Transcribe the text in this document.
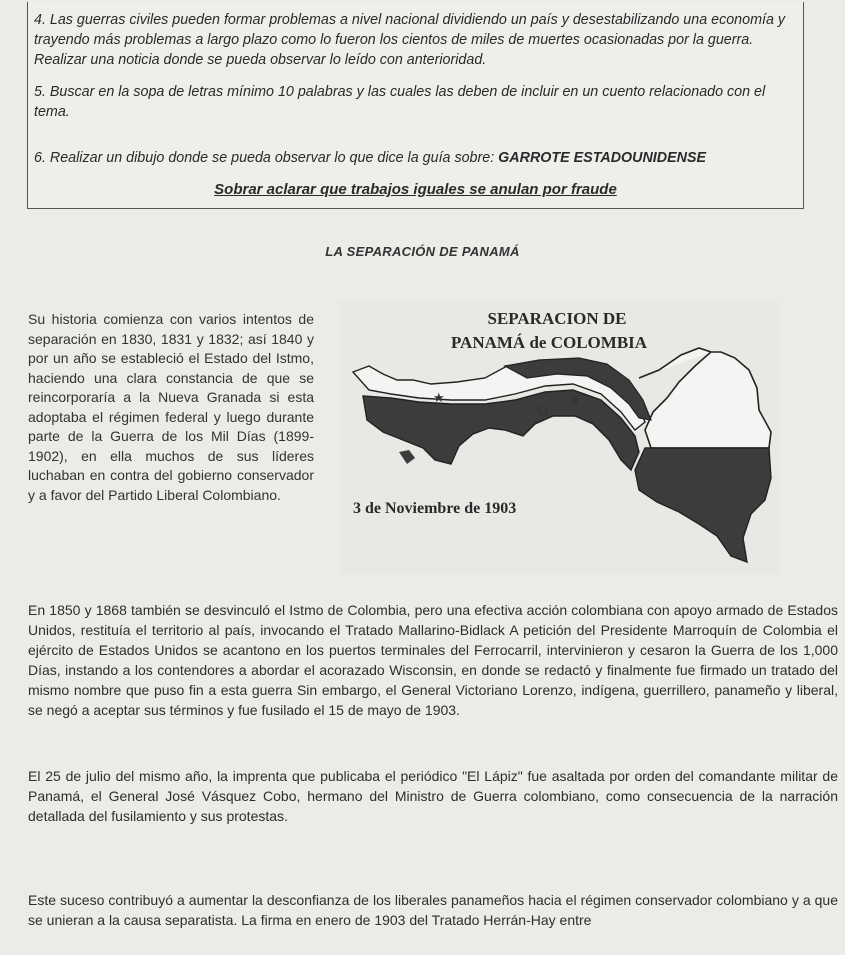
4. Las guerras civiles pueden formar problemas a nivel nacional dividiendo un país y desestabilizando una economía y trayendo más problemas a largo plazo como lo fueron los cientos de miles de muertes ocasionadas por la guerra. Realizar una noticia donde se pueda observar lo leído con anterioridad.

5. Buscar en la sopa de letras mínimo 10 palabras y las cuales las deben de incluir en un cuento relacionado con el tema.

6. Realizar un dibujo donde se pueda observar lo que dice la guía sobre: GARROTE ESTADOUNIDENSE

Sobrar aclarar que trabajos iguales se anulan por fraude
LA SEPARACIÓN DE PANAMÁ

Su historia comienza con varios intentos de separación en 1830, 1831 y 1832; así 1840 y por un año se estableció el Estado del Istmo, haciendo una clara constancia de que se reincorporaría a la Nueva Granada si esta adoptaba el régimen federal y luego durante parte de la Guerra de los Mil Días (1899-1902), en ella muchos de sus líderes luchaban en contra del gobierno conservador y a favor del Partido Liberal Colombiano.

SEPARACION DE
PANAMÁ de COLOMBIA
★	★
3 de Noviembre de 1903

En 1850 y 1868 también se desvinculó el Istmo de Colombia, pero una efectiva acción colombiana con apoyo armado de Estados Unidos, restituía el territorio al país, invocando el Tratado Mallarino-Bidlack A petición del Presidente Marroquín de Colombia el ejército de Estados Unidos se acantono en los puertos terminales del Ferrocarril, intervinieron y cesaron la Guerra de los 1,000 Días, instando a los contendores a abordar el acorazado Wisconsin, en donde se redactó y finalmente fue firmado un tratado del mismo nombre que puso fin a esta guerra Sin embargo, el General Victoriano Lorenzo, indígena, guerrillero, panameño y liberal, se negó a aceptar sus términos y fue fusilado el 15 de mayo de 1903.

El 25 de julio del mismo año, la imprenta que publicaba el periódico "El Lápiz" fue asaltada por orden del comandante militar de Panamá, el General José Vásquez Cobo, hermano del Ministro de Guerra colombiano, como consecuencia de la narración detallada del fusilamiento y sus protestas.

Este suceso contribuyó a aumentar la desconfianza de los liberales panameños hacia el régimen conservador colombiano y a que se unieran a la causa separatista. La firma en enero de 1903 del Tratado Herrán-Hay entre
